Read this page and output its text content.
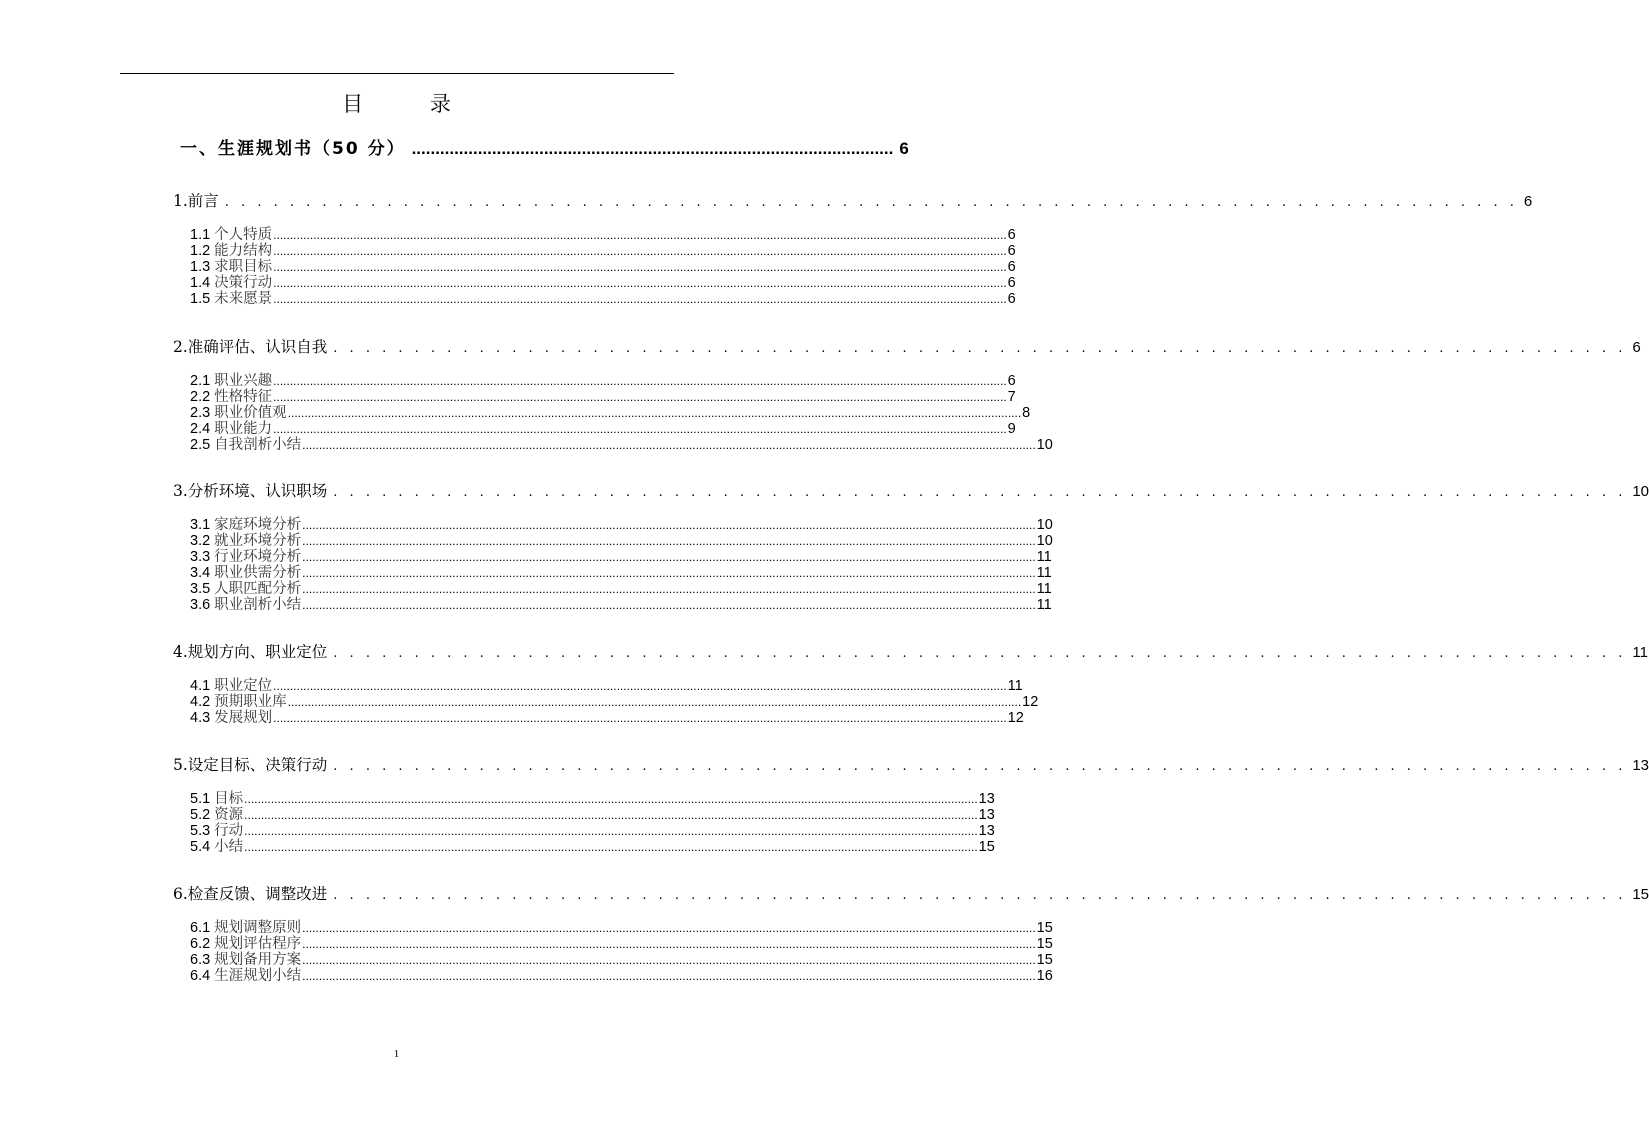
目 录
一、生涯规划书（50 分） ...................................................................................................... 6
1.前言 . . . . . . . . . . . . . . . . . . . . . . . . . . . . . . . . . . . . . . . . . . . . . . . . . . . . . . . . . . . . . . . . . . . . . . . . . . . . . . . . 6
1.1 个人特质 ............................................................................................................................................................................................................................ 6
1.2 能力结构 ............................................................................................................................................................................................................................ 6
1.3 求职目标 ............................................................................................................................................................................................................................ 6
1.4 决策行动 ............................................................................................................................................................................................................................ 6
1.5 未来愿景 ............................................................................................................................................................................................................................ 6
2.准确评估、认识自我 . . . . . . . . . . . . . . . . . . . . . . . . . . . . . . . . . . . . . . . . . . . . . . . . . . . . . . . . . . . . . . . . . . . . . . . . . . . . . . . . 6
2.1 职业兴趣 ............................................................................................................................................................................................................................ 6
2.2 性格特征 ............................................................................................................................................................................................................................ 7
2.3 职业价值观 ............................................................................................................................................................................................................................ 8
2.4 职业能力 ............................................................................................................................................................................................................................ 9
2.5 自我剖析小结 ............................................................................................................................................................................................................................ 10
3.分析环境、认识职场 . . . . . . . . . . . . . . . . . . . . . . . . . . . . . . . . . . . . . . . . . . . . . . . . . . . . . . . . . . . . . . . . . . . . . . . . . . . . . . . . 10
3.1 家庭环境分析 ............................................................................................................................................................................................................................ 10
3.2 就业环境分析 ............................................................................................................................................................................................................................ 10
3.3 行业环境分析 ............................................................................................................................................................................................................................ 11
3.4 职业供需分析 ............................................................................................................................................................................................................................ 11
3.5 人职匹配分析 ............................................................................................................................................................................................................................ 11
3.6 职业剖析小结 ............................................................................................................................................................................................................................ 11
4.规划方向、职业定位 . . . . . . . . . . . . . . . . . . . . . . . . . . . . . . . . . . . . . . . . . . . . . . . . . . . . . . . . . . . . . . . . . . . . . . . . . . . . . . . . 11
4.1 职业定位 ............................................................................................................................................................................................................................ 11
4.2 预期职业库 ............................................................................................................................................................................................................................ 12
4.3 发展规划 ............................................................................................................................................................................................................................ 12
5.设定目标、决策行动 . . . . . . . . . . . . . . . . . . . . . . . . . . . . . . . . . . . . . . . . . . . . . . . . . . . . . . . . . . . . . . . . . . . . . . . . . . . . . . . . 13
5.1 目标 ............................................................................................................................................................................................................................ 13
5.2 资源 ............................................................................................................................................................................................................................ 13
5.3 行动 ............................................................................................................................................................................................................................ 13
5.4 小结 ............................................................................................................................................................................................................................ 15
6.检查反馈、调整改进 . . . . . . . . . . . . . . . . . . . . . . . . . . . . . . . . . . . . . . . . . . . . . . . . . . . . . . . . . . . . . . . . . . . . . . . . . . . . . . . . 15
6.1 规划调整原则 ............................................................................................................................................................................................................................ 15
6.2 规划评估程序 ............................................................................................................................................................................................................................ 15
6.3 规划备用方案 ............................................................................................................................................................................................................................ 15
6.4 生涯规划小结 ............................................................................................................................................................................................................................ 16
1
